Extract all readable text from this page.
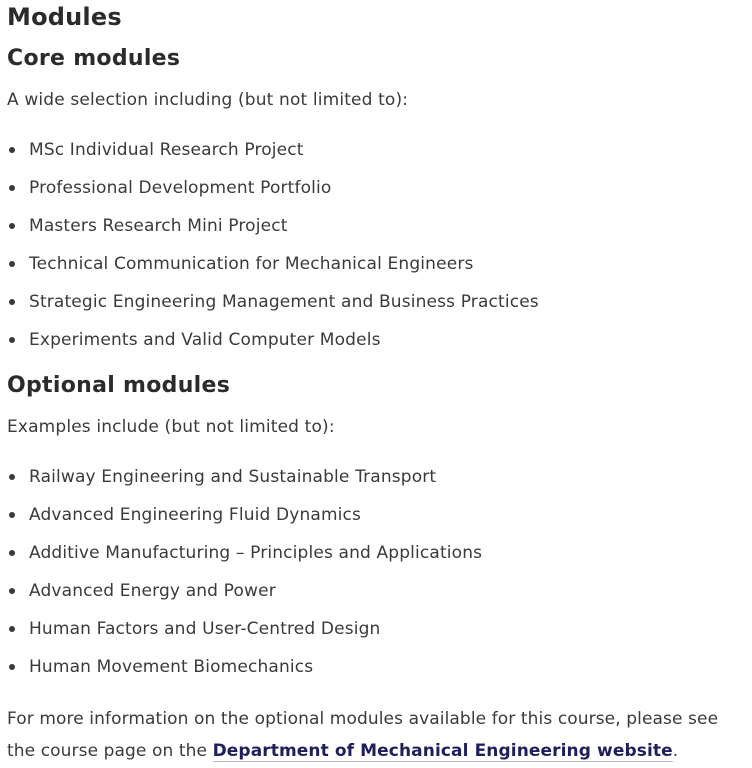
Modules
Core modules

A wide selection including (but not limited to):

MSc Individual Research Project
Professional Development Portfolio
Masters Research Mini Project
Technical Communication for Mechanical Engineers
Strategic Engineering Management and Business Practices
Experiments and Valid Computer Models
Optional modules

Examples include (but not limited to):

Railway Engineering and Sustainable Transport
Advanced Engineering Fluid Dynamics
Additive Manufacturing – Principles and Applications
Advanced Energy and Power
Human Factors and User-Centred Design
Human Movement Biomechanics

For more information on the optional modules available for this course, please see the course page on the Department of Mechanical Engineering website.
